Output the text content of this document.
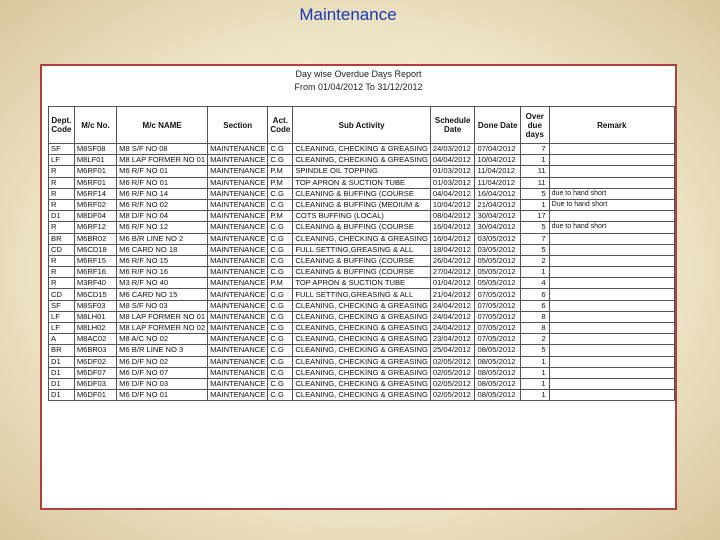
Maintenance
Day wise Overdue Days Report
From 01/04/2012 To 31/12/2012
Dept. Code	M/c No.	M/c NAME	Section	Act. Code	Sub Activity	Schedule Date	Done Date	Over due days	Remark
SF	M8SF08	M8 S/F NO 08	MAINTENANCE	C.G	CLEANING, CHECKING & GREASING	24/03/2012	07/04/2012	7	
LF	M8LF01	M8 LAP FORMER NO 01	MAINTENANCE	C.G	CLEANING, CHECKING & GREASING	04/04/2012	10/04/2012	1	
R	M6RF01	M6 R/F NO 01	MAINTENANCE	P.M	SPINDLE OIL TOPPING	01/03/2012	11/04/2012	11	
R	M6RF01	M6 R/F NO 01	MAINTENANCE	P.M	TOP APRON & SUCTION TUBE	01/03/2012	11/04/2012	11	
R	M6RF14	M6 R/F NO 14	MAINTENANCE	C.G	CLEANING & BUFFING (COURSE	04/04/2012	16/04/2012	5	due to hand short
R	M6RF02	M6 R/F NO 02	MAINTENANCE	C.G	CLEANING & BUFFING (MEDIUM &	10/04/2012	21/04/2012	1	Due to hand short
D1	M8DF04	M8 D/F NO 04	MAINTENANCE	P.M	COTS BUFFING (LOCAL)	08/04/2012	30/04/2012	17	
R	M6RF12	M6 R/F NO 12	MAINTENANCE	C.G	CLEANING & BUFFING (COURSE	16/04/2012	30/04/2012	5	due to hand short
BR	M6BR02	M6 B/R LINE NO 2	MAINTENANCE	C.G	CLEANING, CHECKING & GREASING	16/04/2012	03/05/2012	7	
CD	M6CD18	M6 CARD NO 18	MAINTENANCE	C.G	FULL SETTING,GREASING & ALL	18/04/2012	03/05/2012	5	
R	M6RF15	M6 R/F NO 15	MAINTENANCE	C.G	CLEANING & BUFFING (COURSE	26/04/2012	05/05/2012	2	
R	M6RF16	M6 R/F NO 16	MAINTENANCE	C.G	CLEANING & BUFFING (COURSE	27/04/2012	05/05/2012	1	
R	M3RF40	M3 R/F NO 40	MAINTENANCE	P.M	TOP APRON & SUCTION TUBE	01/04/2012	05/05/2012	4	
CD	M6CD15	M6 CARD NO 15	MAINTENANCE	C.G	FULL SETTING,GREASING & ALL	21/04/2012	07/05/2012	6	
SF	M8SF03	M8 S/F NO 03	MAINTENANCE	C.G	CLEANING, CHECKING & GREASING	24/04/2012	07/05/2012	6	
LF	M8LH01	M8 LAP FORMER NO 01	MAINTENANCE	C.G	CLEANING, CHECKING & GREASING	24/04/2012	07/05/2012	8	
LF	M8LH02	M8 LAP FORMER NO 02	MAINTENANCE	C.G	CLEANING, CHECKING & GREASING	24/04/2012	07/05/2012	8	
A	M8AC02	M8 A/C NO 02	MAINTENANCE	C.G	CLEANING, CHECKING & GREASING	23/04/2012	07/05/2012	2	
BR	M6BR03	M6 B/R LINE NO 3	MAINTENANCE	C.G	CLEANING, CHECKING & GREASING	25/04/2012	08/05/2012	5	
D1	M6DF02	M6 D/F NO 02	MAINTENANCE	C.G	CLEANING, CHECKING & GREASING	02/05/2012	08/05/2012	1	
D1	M6DF07	M6 D/F NO 07	MAINTENANCE	C.G	CLEANING, CHECKING & GREASING	02/05/2012	08/05/2012	1	
D1	M6DF03	M6 D/F NO 03	MAINTENANCE	C.G	CLEANING, CHECKING & GREASING	02/05/2012	08/05/2012	1	
D1	M6DF01	M6 D/F NO 01	MAINTENANCE	C.G	CLEANING, CHECKING & GREASING	02/05/2012	08/05/2012	1	
